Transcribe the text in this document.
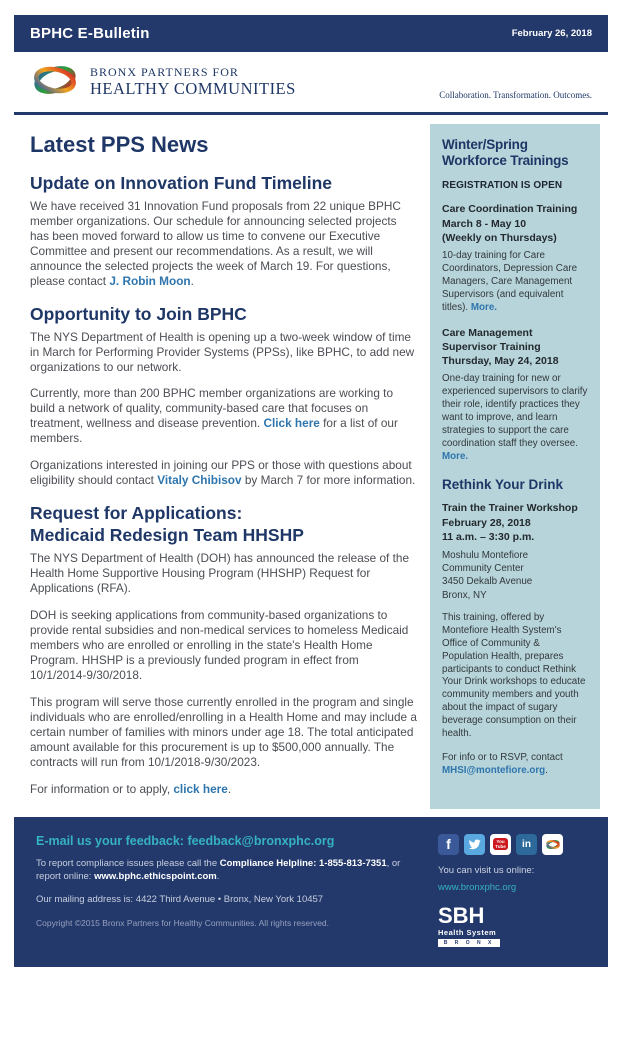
BPHC E-Bulletin	February 26, 2018
BRONX PARTNERS FOR
HEALTHY COMMUNITIES	Collaboration. Transformation. Outcomes.
Latest PPS News
Update on Innovation Fund Timeline

We have received 31 Innovation Fund proposals from 22 unique BPHC member organizations. Our schedule for announcing selected projects has been moved forward to allow us time to convene our Executive Committee and present our recommendations. As a result, we will announce the selected projects the week of March 19. For questions, please contact J. Robin Moon.

Opportunity to Join BPHC

The NYS Department of Health is opening up a two-week window of time in March for Performing Provider Systems (PPSs), like BPHC, to add new organizations to our network.

Currently, more than 200 BPHC member organizations are working to build a network of quality, community-based care that focuses on treatment, wellness and disease prevention. Click here for a list of our members.

Organizations interested in joining our PPS or those with questions about eligibility should contact Vitaly Chibisov by March 7 for more information.

Request for Applications:
Medicaid Redesign Team HHSHP

The NYS Department of Health (DOH) has announced the release of the Health Home Supportive Housing Program (HHSHP) Request for Applications (RFA).

DOH is seeking applications from community-based organizations to provide rental subsidies and non-medical services to homeless Medicaid members who are enrolled or enrolling in the state's Health Home Program. HHSHP is a previously funded program in effect from 10/1/2014-9/30/2018.

This program will serve those currently enrolled in the program and single individuals who are enrolled/enrolling in a Health Home and may include a certain number of families with minors under age 18. The total anticipated amount available for this procurement is up to $500,000 annually. The contracts will run from 10/1/2018-9/30/2023.

For information or to apply, click here.

Winter/Spring
Workforce Trainings
REGISTRATION IS OPEN
Care Coordination Training
March 8 - May 10
(Weekly on Thursdays)
10-day training for Care Coordinators, Depression Care Managers, Care Management Supervisors (and equivalent titles). More.
Care Management
Supervisor Training
Thursday, May 24, 2018
One-day training for new or experienced supervisors to clarify their role, identify practices they want to improve, and learn strategies to support the care coordination staff they oversee. More.
Rethink Your Drink
Train the Trainer Workshop
February 28, 2018
11 a.m. – 3:30 p.m.
Moshulu Montefiore
Community Center
3450 Dekalb Avenue
Bronx, NY
This training, offered by Montefiore Health System's Office of Community & Population Health, prepares participants to conduct Rethink Your Drink workshops to educate community members and youth about the impact of sugary beverage consumption on their health.
For info or to RSVP, contact MHSI@montefiore.org.
E-mail us your feedback: feedback@bronxphc.org

To report compliance issues please call the Compliance Helpline: 1-855-813-7351, or report online: www.bphc.ethicspoint.com.

Our mailing address is: 4422 Third Avenue • Bronx, New York 10457

Copyright ©2015 Bronx Partners for Healthy Communities. All rights reserved.
f	You
Tube	in
You can visit us online:
www.bronxphc.org
SBH
Health System
B R O N X
